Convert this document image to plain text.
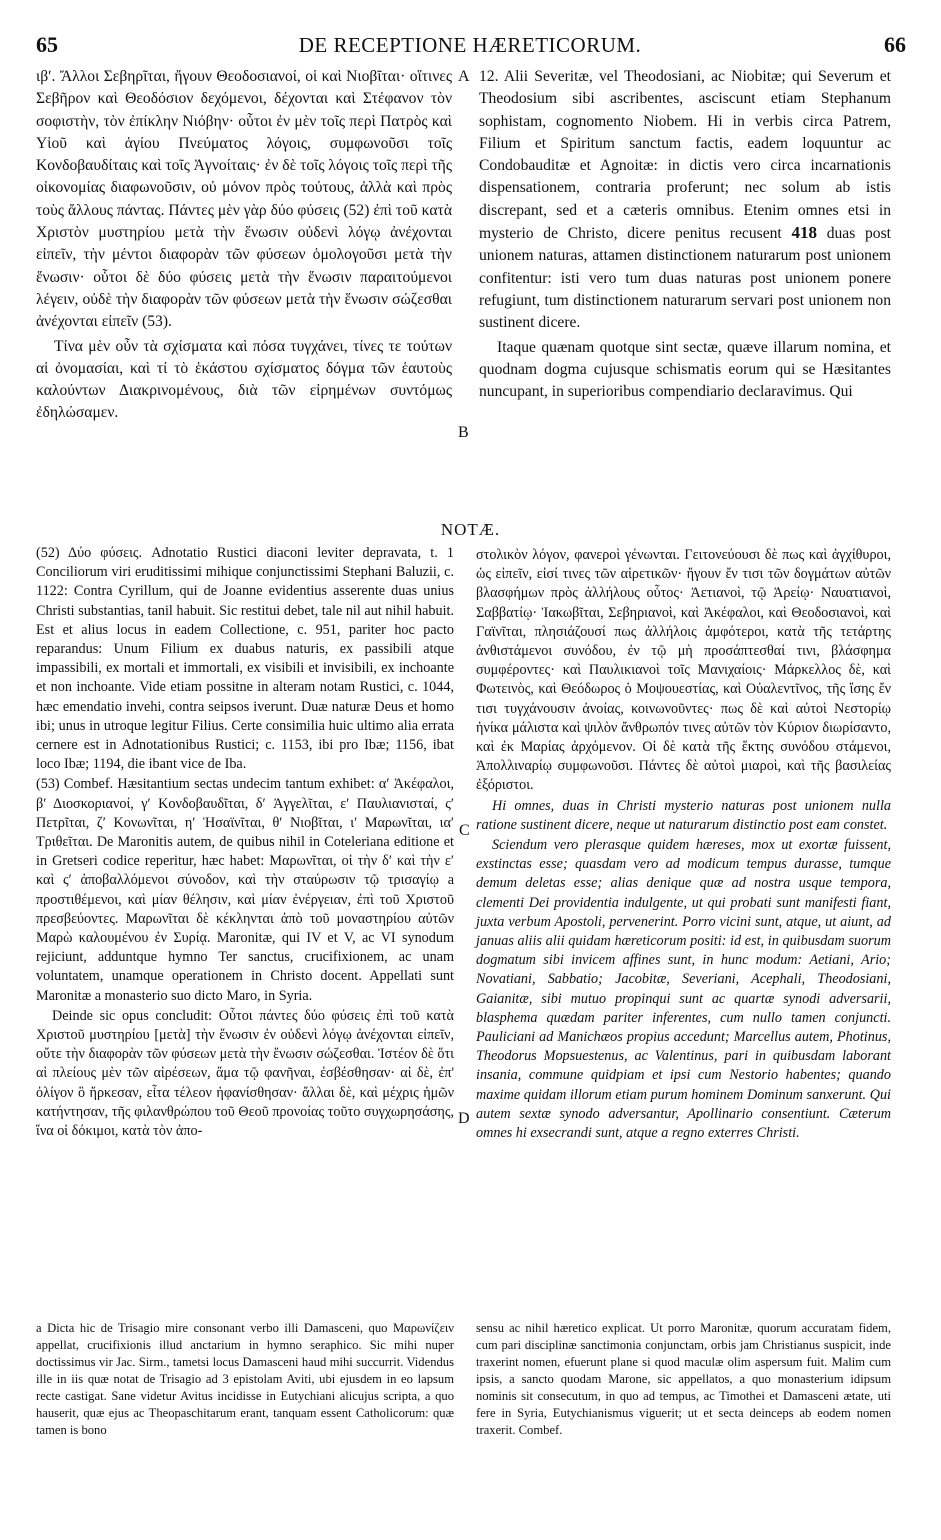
65	DE RECEPTIONE HÆRETICORUM.	66

ιβʹ. Ἄλλοι Σεβηρῖται, ἤγουν Θεοδοσιανοί, οἱ καὶ Νιοβῖται· οἵτινες Σεβῆρον καὶ Θεοδόσιον δεχόμενοι, δέχονται καὶ Στέφανον τὸν σοφιστὴν, τὸν ἐπίκλην Νιόβην· οὗτοι ἐν μὲν τοῖς περὶ Πατρὸς καὶ Υἱοῦ καὶ ἁγίου Πνεύματος λόγοις, συμφωνοῦσι τοῖς Κονδοβαυδίταις καὶ τοῖς Ἀγνοίταις· ἐν δὲ τοῖς λόγοις τοῖς περὶ τῆς οἰκονομίας διαφωνοῦσιν, οὐ μόνον πρὸς τούτους, ἀλλὰ καὶ πρὸς τοὺς ἄλλους πάντας. Πάντες μὲν γὰρ δύο φύσεις (52) ἐπὶ τοῦ κατὰ Χριστὸν μυστηρίου μετὰ τὴν ἕνωσιν οὐδενὶ λόγῳ ἀνέχονται εἰπεῖν, τὴν μέντοι διαφορὰν τῶν φύσεων ὁμολογοῦσι μετὰ τὴν ἕνωσιν· οὗτοι δὲ δύο φύσεις μετὰ τὴν ἕνωσιν παραιτούμενοι λέγειν, οὐδὲ τὴν διαφορὰν τῶν φύσεων μετὰ τὴν ἕνωσιν σώζεσθαι ἀνέχονται εἰπεῖν (53).

Τίνα μὲν οὖν τὰ σχίσματα καὶ πόσα τυγχάνει, τίνες τε τούτων αἱ ὀνομασίαι, καὶ τί τὸ ἑκάστου σχίσματος δόγμα τῶν ἑαυτοὺς καλούντων Διακρινομένους, διὰ τῶν εἰρημένων συντόμως ἐδηλώσαμεν.

A
B
C
D

12. Alii Severitæ, vel Theodosiani, ac Niobitæ; qui Severum et Theodosium sibi ascribentes, asciscunt etiam Stephanum sophistam, cognomento Niobem. Hi in verbis circa Patrem, Filium et Spiritum sanctum factis, eadem loquuntur ac Condobauditæ et Agnoitæ: in dictis vero circa incarnationis dispensationem, contraria proferunt; nec solum ab istis discrepant, sed et a cæteris omnibus. Etenim omnes etsi in mysterio de Christo, dicere penitus recusent 418 duas post unionem naturas, attamen distinctionem naturarum post unionem confitentur: isti vero tum duas naturas post unionem ponere refugiunt, tum distinctionem naturarum servari post unionem non sustinent dicere.

Itaque quænam quotque sint sectæ, quæve illarum nomina, et quodnam dogma cujusque schismatis eorum qui se Hæsitantes nuncupant, in superioribus compendiario declaravimus. Qui

NOTÆ.

(52) Δύο φύσεις. Adnotatio Rustici diaconi leviter depravata, t. 1 Conciliorum viri eruditissimi mihique conjunctissimi Stephani Baluzii, c. 1122: Contra Cyrillum, qui de Joanne evidentius asserente duas unius Christi substantias, tanil habuit. Sic restitui debet, tale nil aut nihil habuit. Est et alius locus in eadem Collectione, c. 951, pariter hoc pacto reparandus: Unum Filium ex duabus naturis, ex passibili atque impassibili, ex mortali et immortali, ex visibili et invisibili, ex inchoante et non inchoante. Vide etiam possitne in alteram notam Rustici, c. 1044, hæc emendatio invehi, contra seipsos iverunt. Duæ naturæ Deus et homo ibi; unus in utroque legitur Filius. Certe consimilia huic ultimo alia errata cernere est in Adnotationibus Rustici; c. 1153, ibi pro Ibæ; 1156, ibat loco Ibæ; 1194, die ibant vice de Iba.

(53) Combef. Hæsitantium sectas undecim tantum exhibet: αʹ Ἀκέφαλοι, βʹ Διοσκοριανοί, γʹ Κονδοβαυδῖται, δʹ Ἀγγελῖται, εʹ Παυλιανισταί, ςʹ Πετρῖται, ζʹ Κονωνῖται, ηʹ Ἡσαϊνῖται, θʹ Νιοβῖται, ιʹ Μαρωνῖται, ιαʹ Τριθεῖται. De Maronitis autem, de quibus nihil in Coteleriana editione et in Gretseri codice reperitur, hæc habet: Μαρωνῖται, οἱ τὴν δʹ καὶ τὴν εʹ καὶ ςʹ ἀποβαλλόμενοι σύνοδον, καὶ τὴν σταύρωσιν τῷ τρισαγίῳ a προστιθέμενοι, καὶ μίαν θέλησιν, καὶ μίαν ἐνέργειαν, ἐπὶ τοῦ Χριστοῦ πρεσβεύοντες. Μαρωνῖται δὲ κέκληνται ἀπὸ τοῦ μοναστηρίου αὐτῶν Μαρὼ καλουμένου ἐν Συρίᾳ. Maronitæ, qui IV et V, ac VI synodum rejiciunt, adduntque hymno Ter sanctus, crucifixionem, ac unam voluntatem, unamque operationem in Christo docent. Appellati sunt Maronitæ a monasterio suo dicto Maro, in Syria.

Deinde sic opus concludit: Οὗτοι πάντες δύο φύσεις ἐπὶ τοῦ κατὰ Χριστοῦ μυστηρίου [μετὰ] τὴν ἕνωσιν ἐν οὐδενὶ λόγῳ ἀνέχονται εἰπεῖν, οὔτε τὴν διαφορὰν τῶν φύσεων μετὰ τὴν ἕνωσιν σώζεσθαι. Ἰστέον δὲ ὅτι αἱ πλείους μὲν τῶν αἱρέσεων, ἅμα τῷ φανῆναι, ἐσβέσθησαν· αἱ δὲ, ἐπ' ὀλίγον ὃ ἤρκεσαν, εἶτα τέλεον ἠφανίσθησαν· ἄλλαι δὲ, καὶ μέχρις ἡμῶν κατήντησαν, τῆς φιλανθρώπου τοῦ Θεοῦ προνοίας τοῦτο συγχωρησάσης, ἵνα οἱ δόκιμοι, κατὰ τὸν ἀπο-

στολικὸν λόγον, φανεροὶ γένωνται. Γειτονεύουσι δὲ πως καὶ ἀγχίθυροι, ὡς εἰπεῖν, εἰσί τινες τῶν αἱρετικῶν· ἤγουν ἔν τισι τῶν δογμάτων αὐτῶν βλασφήμων πρὸς ἀλλήλους οὗτος· Ἀετιανοὶ, τῷ Ἀρείῳ· Ναυατιανοὶ, Σαββατίῳ· Ἰακωβῖται, Σεβηριανοὶ, καὶ Ἀκέφαλοι, καὶ Θεοδοσιανοὶ, καὶ Γαϊνῖται, πλησιάζουσί πως ἀλλήλοις ἀμφότεροι, κατὰ τῆς τετάρτης ἀνθιστάμενοι συνόδου, ἐν τῷ μὴ προσάπτεσθαί τινι, βλάσφημα συμφέροντες· καὶ Παυλικιανοὶ τοῖς Μανιχαίοις· Μάρκελλος δὲ, καὶ Φωτεινὸς, καὶ Θεόδωρος ὁ Μοψουεστίας, καὶ Οὐαλεντῖνος, τῆς ἴσης ἔν τισι τυγχάνουσιν ἀνοίας, κοινωνοῦντες· πως δὲ καὶ αὐτοὶ Νεστορίῳ ἡνίκα μάλιστα καὶ ψιλὸν ἄνθρωπόν τινες αὐτῶν τὸν Κύριον διωρίσαντο, καὶ ἐκ Μαρίας ἀρχόμενον. Οἱ δὲ κατὰ τῆς ἕκτης συνόδου στάμενοι, Ἀπολλιναρίῳ συμφωνοῦσι. Πάντες δὲ αὐτοὶ μιαροὶ, καὶ τῆς βασιλείας ἐξόριστοι.

Hi omnes, duas in Christi mysterio naturas post unionem nulla ratione sustinent dicere, neque ut naturarum distinctio post eam constet.

Sciendum vero plerasque quidem hæreses, mox ut exortæ fuissent, exstinctas esse; quasdam vero ad modicum tempus durasse, tumque demum deletas esse; alias denique quæ ad nostra usque tempora, clementi Dei providentia indulgente, ut qui probati sunt manifesti fiant, juxta verbum Apostoli, pervenerint. Porro vicini sunt, atque, ut aiunt, ad januas aliis alii quidam hæreticorum positi: id est, in quibusdam suorum dogmatum sibi invicem affines sunt, in hunc modum: Aetiani, Ario; Novatiani, Sabbatio; Jacobitæ, Severiani, Acephali, Theodosiani, Gaianitæ, sibi mutuo propinqui sunt ac quartæ synodi adversarii, blasphema quædam pariter inferentes, cum nullo tamen conjuncti. Pauliciani ad Manichæos propius accedunt; Marcellus autem, Photinus, Theodorus Mopsuestenus, ac Valentinus, pari in quibusdam laborant insania, commune quidpiam et ipsi cum Nestorio habentes; quando maxime quidam illorum etiam purum hominem Dominum sanxerunt. Qui autem sextæ synodo adversantur, Apollinario consentiunt. Cæterum omnes hi exsecrandi sunt, atque a regno exterres Christi.

a Dicta hic de Trisagio mire consonant verbo illi Damasceni, quo Μαρωνίζειν appellat, crucifixionis illud anctarium in hymno seraphico. Sic mihi nuper doctissimus vir Jac. Sirm., tametsi locus Damasceni haud mihi succurrit. Videndus ille in iis quæ notat de Trisagio ad 3 epistolam Aviti, ubi ejusdem in eo lapsum recte castigat. Sane videtur Avitus incidisse in Eutychiani alicujus scripta, a quo hauserit, quæ ejus ac Theopaschitarum erant, tanquam essent Catholicorum: quæ tamen is bono
sensu ac nihil hæretico explicat. Ut porro Maronitæ, quorum accuratam fidem, cum pari disciplinæ sanctimonia conjunctam, orbis jam Christianus suspicit, inde traxerint nomen, efuerunt plane si quod maculæ olim aspersum fuit. Malim cum ipsis, a sancto quodam Marone, sic appellatos, a quo monasterium idipsum nominis sit consecutum, in quo ad tempus, ac Timothei et Damasceni ætate, uti fere in Syria, Eutychianismus viguerit; ut et secta deinceps ab eodem nomen traxerit. Combef.
